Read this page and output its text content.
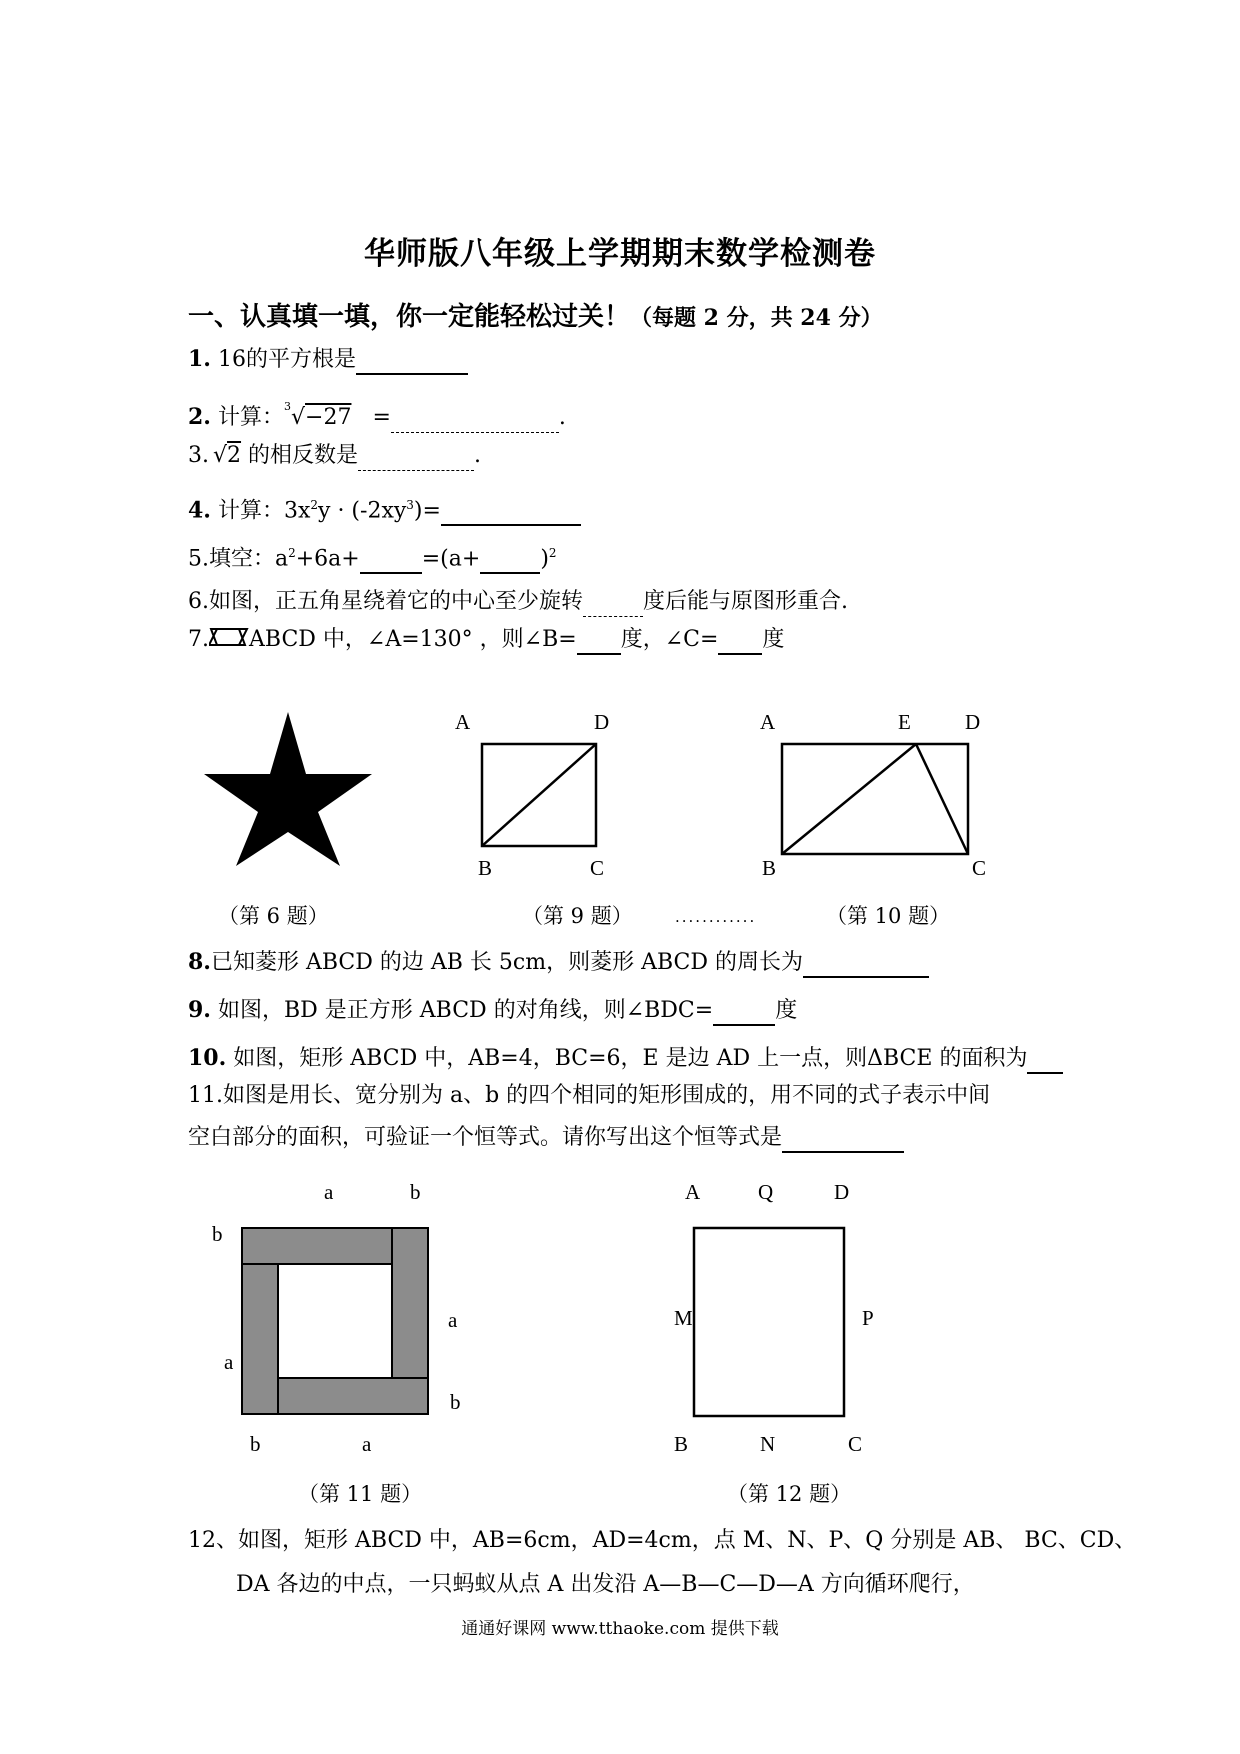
华师版八年级上学期期末数学检测卷
一、认真填一填，你一定能轻松过关！（每题 2 分，共 24 分）
1. 16的平方根是
2. 计算：$^3$√−27 =	.
3. √2 的相反数是	.
4. 计算：$3x^2y \cdot (-2xy^3)=$
5.填空：$a^2+6a+$	=(a+	)$^2$
6.如图，正五角星绕着它的中心至少旋转	度后能与原图形重合.
7. ABCD 中，∠A=130° ，则∠B= 度，∠C= 度
A	D
B	C
A	E	D
B	C
（第 6 题）	（第 9 题）	............	（第 10 题）
8.已知菱形 ABCD 的边 AB 长 5cm，则菱形 ABCD 的周长为
9. 如图，BD 是正方形 ABCD 的对角线，则∠BDC=	度
10. 如图，矩形 ABCD 中，AB=4，BC=6，E 是边 AD 上一点，则ΔBCE 的面积为
11.如图是用长、宽分别为 a、b 的四个相同的矩形围成的，用不同的式子表示中间
空白部分的面积，可验证一个恒等式。请你写出这个恒等式是
a	b
b
a
a
b
b	a
A	Q	D
M	P
B	N	C
（第 11 题）	（第 12 题）
12、如图，矩形 ABCD 中，AB=6cm，AD=4cm，点 M、N、P、Q 分别是 AB、 BC、CD、
DA 各边的中点，一只蚂蚁从点 A 出发沿 A—B—C—D—A 方向循环爬行，
通通好课网 www.tthaoke.com 提供下载
